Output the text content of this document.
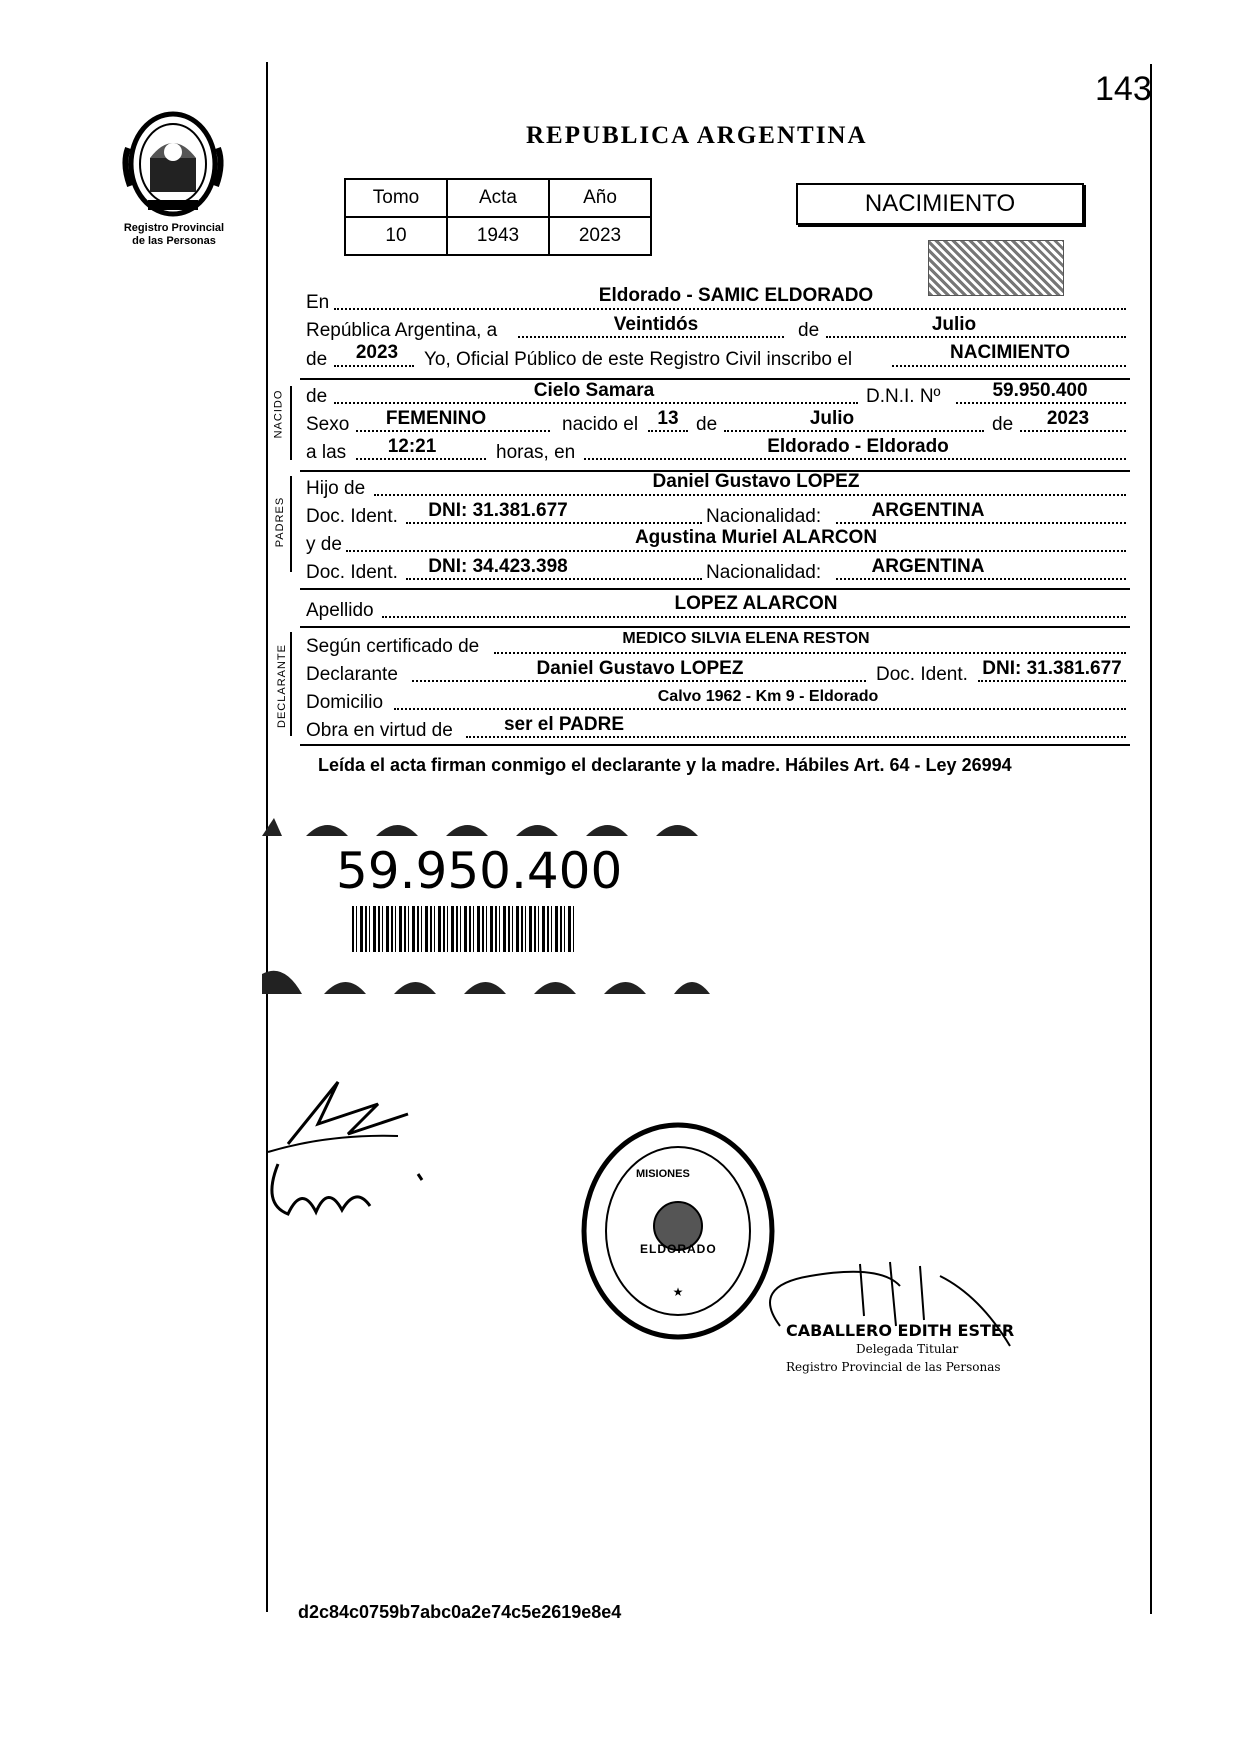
143
Registro Provincial
de las Personas
REPUBLICA ARGENTINA
Tomo	Acta	Año
10	1943	2023
NACIMIENTO
En	Eldorado - SAMIC ELDORADO
República Argentina, a	Veintidós	de	Julio
de 2023 Yo, Oficial Público de este Registro Civil inscribo el	NACIMIENTO
NACIDO de	Cielo Samara	D.N.I. Nº	59.950.400
Sexo FEMENINO	nacido el 13 de	Julio	de 2023
a las 12:21	horas, en	Eldorado - Eldorado
PADRES
Hijo de	Daniel Gustavo LOPEZ
Doc. Ident. DNI: 31.381.677	Nacionalidad:	ARGENTINA
y de	Agustina Muriel ALARCON
Doc. Ident. DNI: 34.423.398	Nacionalidad:	ARGENTINA
Apellido	LOPEZ ALARCON
DECLARANTE Según certificado de	MEDICO SILVIA ELENA RESTON
Declarante	Daniel Gustavo LOPEZ	Doc. Ident. DNI: 31.381.677
Domicilio	Calvo 1962 - Km 9 - Eldorado
Obra en virtud de	ser el PADRE
Leída el acta firman conmigo el declarante y la madre. Hábiles Art. 64 - Ley 26994
59.950.400
★
ELDORADO
MISIONES
CABALLERO EDITH ESTER
Delegada Titular
Registro Provincial de las Personas
d2c84c0759b7abc0a2e74c5e2619e8e4
